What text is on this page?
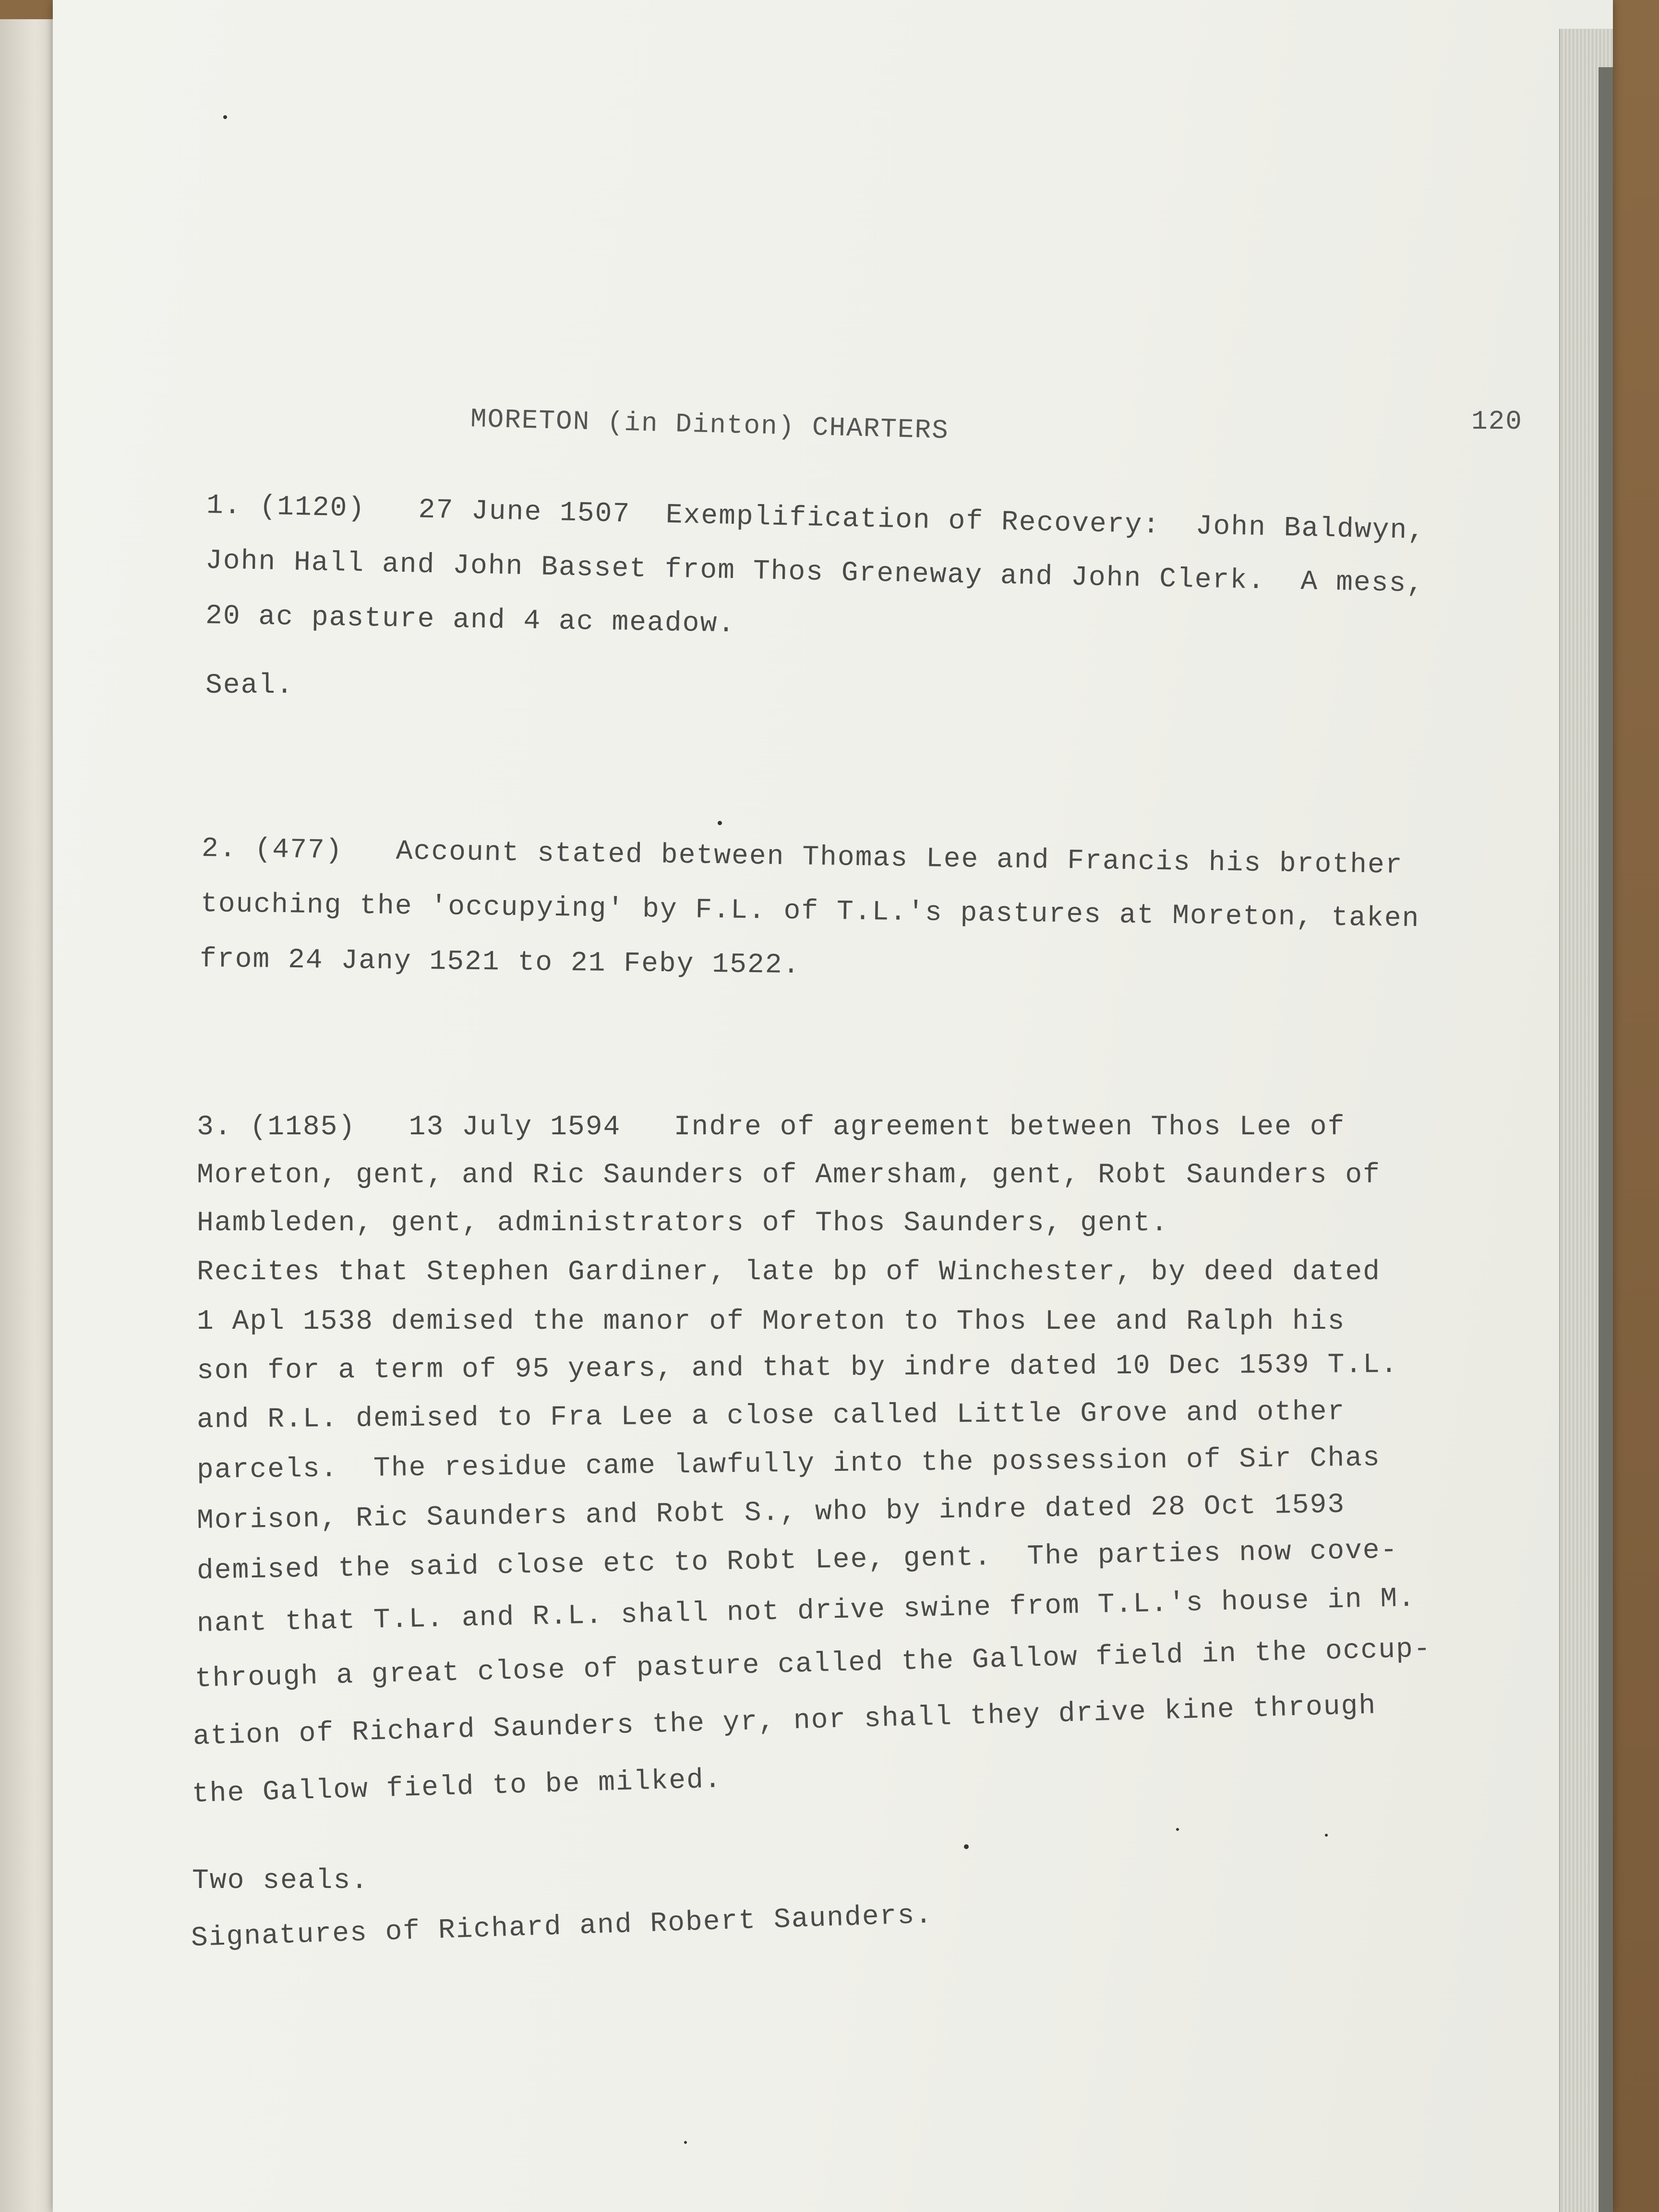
MORETON (in Dinton) CHARTERS	120
1. (1120)   27 June 1507  Exemplification of Recovery:  John Baldwyn,
John Hall and John Basset from Thos Greneway and John Clerk.  A mess,
20 ac pasture and 4 ac meadow.
Seal.
2. (477)   Account stated between Thomas Lee and Francis his brother
touching the 'occupying' by F.L. of T.L.'s pastures at Moreton, taken
from 24 Jany 1521 to 21 Feby 1522.
3. (1185)   13 July 1594   Indre of agreement between Thos Lee of
Moreton, gent, and Ric Saunders of Amersham, gent, Robt Saunders of
Hambleden, gent, administrators of Thos Saunders, gent.
Recites that Stephen Gardiner, late bp of Winchester, by deed dated
1 Apl 1538 demised the manor of Moreton to Thos Lee and Ralph his
son for a term of 95 years, and that by indre dated 10 Dec 1539 T.L.
and R.L. demised to Fra Lee a close called Little Grove and other
parcels.  The residue came lawfully into the possession of Sir Chas
Morison, Ric Saunders and Robt S., who by indre dated 28 Oct 1593
demised the said close etc to Robt Lee, gent.  The parties now cove-
nant that T.L. and R.L. shall not drive swine from T.L.'s house in M.
through a great close of pasture called the Gallow field in the occup-
ation of Richard Saunders the yr, nor shall they drive kine through
the Gallow field to be milked.
Two seals.
Signatures of Richard and Robert Saunders.
